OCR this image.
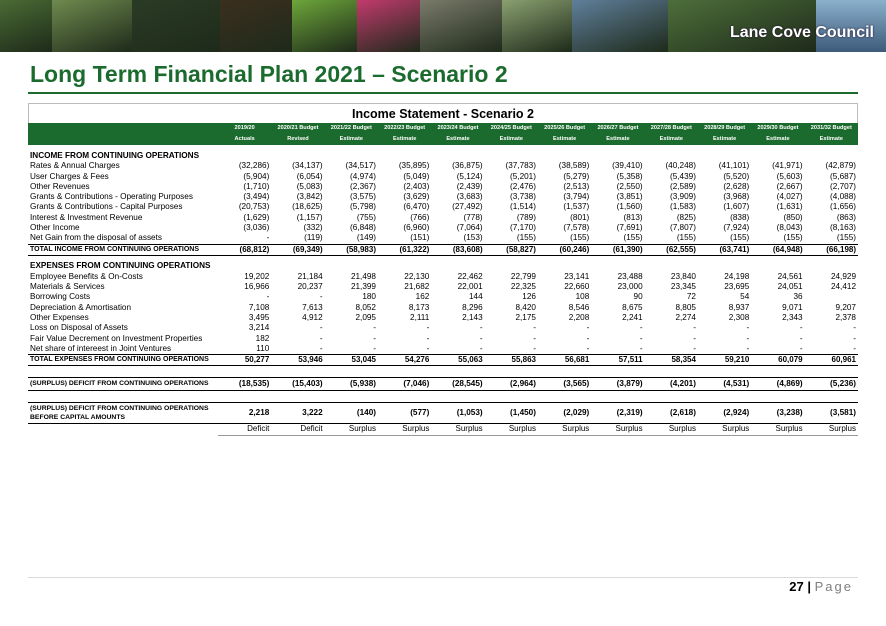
Lane Cove Council
Long Term Financial Plan 2021 – Scenario 2
Income Statement - Scenario 2
	2019/20	2020/21 Budget	2021/22 Budget	2022/23 Budget	2023/24 Budget	2024/25 Budget	2025/26 Budget	2026/27 Budget	2027/28 Budget	2028/29 Budget	2029/30 Budget	2031/32 Budget
	Actuals	Revised	Estimate	Estimate	Estimate	Estimate	Estimate	Estimate	Estimate	Estimate	Estimate	Estimate

INCOME FROM CONTINUING OPERATIONS												
Rates & Annual Charges	(32,286)	(34,137)	(34,517)	(35,895)	(36,875)	(37,783)	(38,589)	(39,410)	(40,248)	(41,101)	(41,971)	(42,879)
User Charges & Fees	(5,904)	(6,054)	(4,974)	(5,049)	(5,124)	(5,201)	(5,279)	(5,358)	(5,439)	(5,520)	(5,603)	(5,687)
Other Revenues	(1,710)	(5,083)	(2,367)	(2,403)	(2,439)	(2,476)	(2,513)	(2,550)	(2,589)	(2,628)	(2,667)	(2,707)
Grants & Contributions - Operating Purposes	(3,494)	(3,842)	(3,575)	(3,629)	(3,683)	(3,738)	(3,794)	(3,851)	(3,909)	(3,968)	(4,027)	(4,088)
Grants & Contributions - Capital Purposes	(20,753)	(18,625)	(5,798)	(6,470)	(27,492)	(1,514)	(1,537)	(1,560)	(1,583)	(1,607)	(1,631)	(1,656)
Interest & Investment Revenue	(1,629)	(1,157)	(755)	(766)	(778)	(789)	(801)	(813)	(825)	(838)	(850)	(863)
Other Income	(3,036)	(332)	(6,848)	(6,960)	(7,064)	(7,170)	(7,578)	(7,691)	(7,807)	(7,924)	(8,043)	(8,163)
Net Gain from the disposal of assets	-	(119)	(149)	(151)	(153)	(155)	(155)	(155)	(155)	(155)	(155)	(155)
TOTAL INCOME FROM CONTINUING OPERATIONS	(68,812)	(69,349)	(58,983)	(61,322)	(83,608)	(58,827)	(60,246)	(61,390)	(62,555)	(63,741)	(64,948)	(66,198)

EXPENSES FROM CONTINUING OPERATIONS												
Employee Benefits & On-Costs	19,202	21,184	21,498	22,130	22,462	22,799	23,141	23,488	23,840	24,198	24,561	24,929
Materials & Services	16,966	20,237	21,399	21,682	22,001	22,325	22,660	23,000	23,345	23,695	24,051	24,412
Borrowing Costs	-	-	180	162	144	126	108	90	72	54	36	
Depreciation & Amortisation	7,108	7,613	8,052	8,173	8,296	8,420	8,546	8,675	8,805	8,937	9,071	9,207
Other Expenses	3,495	4,912	2,095	2,111	2,143	2,175	2,208	2,241	2,274	2,308	2,343	2,378
Loss on Disposal of Assets	3,214	-	-	-	-	-	-	-	-	-	-	-
Fair Value Decrement on Investment Properties	182	-	-	-	-	-	-	-	-	-	-	-
Net share of intereest in Joint Ventures	110	-	-	-	-	-	-	-	-	-	-	-
TOTAL EXPENSES FROM CONTINUING OPERATIONS	50,277	53,946	53,045	54,276	55,063	55,863	56,681	57,511	58,354	59,210	60,079	60,961

(SURPLUS) DEFICIT FROM CONTINUING OPERATIONS	(18,535)	(15,403)	(5,938)	(7,046)	(28,545)	(2,964)	(3,565)	(3,879)	(4,201)	(4,531)	(4,869)	(5,236)

(SURPLUS) DEFICIT FROM CONTINUING OPERATIONS BEFORE CAPITAL AMOUNTS	2,218	3,222	(140)	(577)	(1,053)	(1,450)	(2,029)	(2,319)	(2,618)	(2,924)	(3,238)	(3,581)
	Deficit	Deficit	Surplus	Surplus	Surplus	Surplus	Surplus	Surplus	Surplus	Surplus	Surplus	Surplus
27 | Page
